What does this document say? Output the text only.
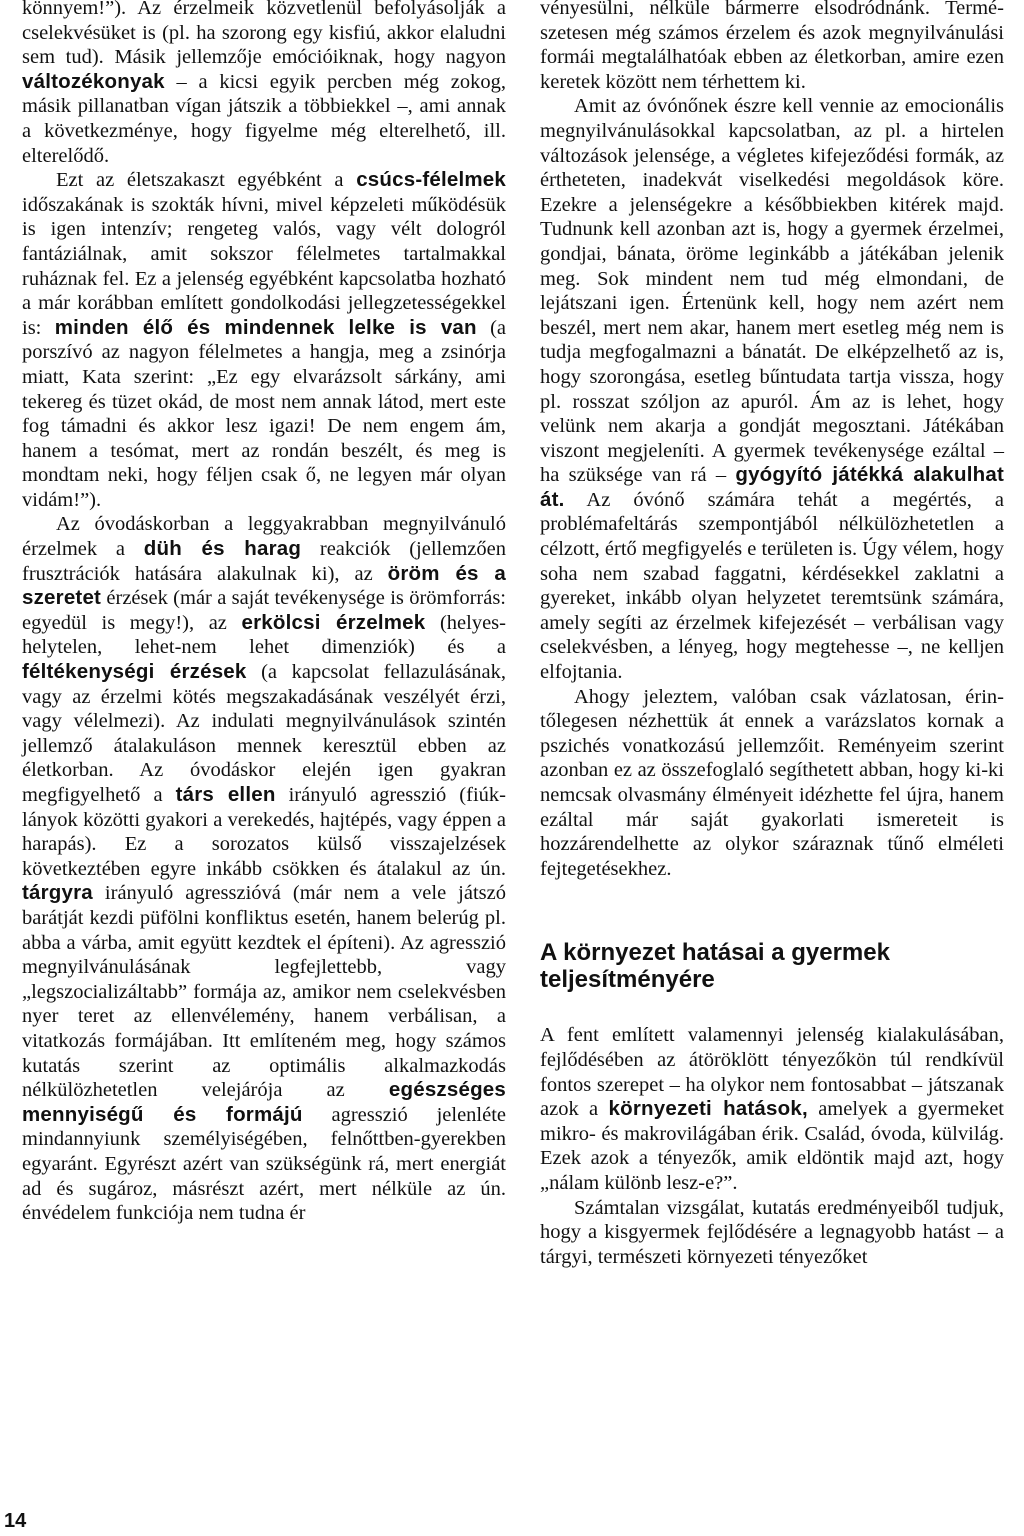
könnyem!”). Az érzelmeik közvetlenül befolyásolják a cselekvésüket is (pl. ha szorong egy kisfiú, akkor elaludni sem tud). Másik jellemzője emócióiknak, hogy nagyon változékonyak – a kicsi egyik percben még zokog, másik pillanatban vígan játszik a többiekkel –, ami annak a következménye, hogy figyelme még elterelhető, ill. elterelődő.

Ezt az életszakaszt egyébként a csúcs-félelmek időszakának is szokták hívni, mivel képzeleti működésük is igen intenzív; rengeteg valós, vagy vélt dologról fantáziálnak, amit sokszor félelmetes tartalmakkal ruháznak fel. Ez a jelenség egyébként kapcsolatba hozható a már korábban említett gondolkodási jellegzetességekkel is: minden élő és mindennek lelke is van (a porszívó az nagyon félelmetes a hangja, meg a zsinórja miatt, Kata szerint: „Ez egy elvarázsolt sárkány, ami tekereg és tüzet okád, de most nem annak látod, mert este fog támadni és akkor lesz igazi! De nem engem ám, hanem a tesómat, mert az rondán beszélt, és meg is mondtam neki, hogy féljen csak ő, ne legyen már olyan vidám!”).

Az óvodáskorban a leggyakrabban megnyilvánuló érzelmek a düh és harag reakciók (jellemzően frusztrációk hatására alakulnak ki), az öröm és a szeretet érzések (már a saját tevékenysége is örömforrás: egyedül is megy!), az erkölcsi érzelmek (helyes-helytelen, lehet-nem lehet dimenziók) és a féltékenységi érzések (a kapcsolat fellazulásának, vagy az érzelmi kötés megszakadásának veszélyét érzi, vagy vélelmezi). Az indulati megnyilvánulások szintén jellemző átalakuláson mennek keresztül ebben az életkorban. Az óvodáskor elején igen gyakran megfigyelhető a társ ellen irányuló agresszió (fiúk-lányok közötti gyakori a verekedés, hajtépés, vagy éppen a harapás). Ez a sorozatos külső visszajelzések következtében egyre inkább csökken és átalakul az ún. tárgyra irányuló agresszióvá (már nem a vele játszó barátját kezdi püfölni konfliktus esetén, hanem belerúg pl. abba a várba, amit együtt kezdtek el építeni). Az agresszió megnyilvánulásának legfejlettebb, vagy „legszocializáltabb” formája az, amikor nem cselekvésben nyer teret az ellenvélemény, hanem verbálisan, a vitatkozás formájában. Itt említeném meg, hogy számos kutatás szerint az optimális alkalmazkodás nélkülözhetetlen velejárója az egészséges mennyiségű és formájú agresszió jelenléte mindannyiunk személyiségében, felnőttben-gyerekben egyaránt. Egyrészt azért van szükségünk rá, mert energiát ad és sugároz, másrészt azért, mert nélküle az ún. énvédelem funkciója nem tudna ér

vényesülni, nélküle bármerre elsodródnánk. Természetesen még számos érzelem és azok megnyilvánulási formái megtalálhatóak ebben az életkorban, amire ezen keretek között nem térhettem ki.

Amit az óvónőnek észre kell vennie az emocionális megnyilvánulásokkal kapcsolatban, az pl. a hirtelen változások jelensége, a végletes kifejeződési formák, az értheteten, inadekvát viselkedési megoldások köre. Ezekre a jelenségekre a későbbiekben kitérek majd. Tudnunk kell azonban azt is, hogy a gyermek érzelmei, gondjai, bánata, öröme leginkább a játékában jelenik meg. Sok mindent nem tud még elmondani, de lejátszani igen. Értenünk kell, hogy nem azért nem beszél, mert nem akar, hanem mert esetleg még nem is tudja megfogalmazni a bánatát. De elképzelhető az is, hogy szorongása, esetleg bűntudata tartja vissza, hogy pl. rosszat szóljon az apuról. Ám az is lehet, hogy velünk nem akarja a gondját megosztani. Játékában viszont megjeleníti. A gyermek tevékenysége ezáltal – ha szüksége van rá – gyógyító játékká alakulhat át. Az óvónő számára tehát a megértés, a problémafeltárás szempontjából nélkülözhetetlen a célzott, értő megfigyelés e területen is. Úgy vélem, hogy soha nem szabad faggatni, kérdésekkel zaklatni a gyereket, inkább olyan helyzetet teremtsünk számára, amely segíti az érzelmek kifejezését – verbálisan vagy cselekvésben, a lényeg, hogy megtehesse –, ne kelljen elfojtania.

Ahogy jeleztem, valóban csak vázlatosan, érintőlegesen nézhettük át ennek a varázslatos kornak a pszichés vonatkozású jellemzőit. Reményeim szerint azonban ez az összefoglaló segíthetett abban, hogy ki-ki nemcsak olvasmány élményeit idézhette fel újra, hanem ezáltal már saját gyakorlati ismereteit is hozzárendelhette az olykor száraznak tűnő elméleti fejtegetésekhez.

A környezet hatásai a gyermek teljesítményére

A fent említett valamennyi jelenség kialakulásában, fejlődésében az átöröklött tényezőkön túl rendkívül fontos szerepet – ha olykor nem fontosabbat – játszanak azok a környezeti hatások, amelyek a gyermeket mikro- és makrovilágában érik. Család, óvoda, külvilág. Ezek azok a tényezők, amik eldöntik majd azt, hogy „nálam különb lesz-e?”.

Számtalan vizsgálat, kutatás eredményeiből tudjuk, hogy a kisgyermek fejlődésére a legnagyobb hatást – a tárgyi, természeti környezeti tényezőket

14
